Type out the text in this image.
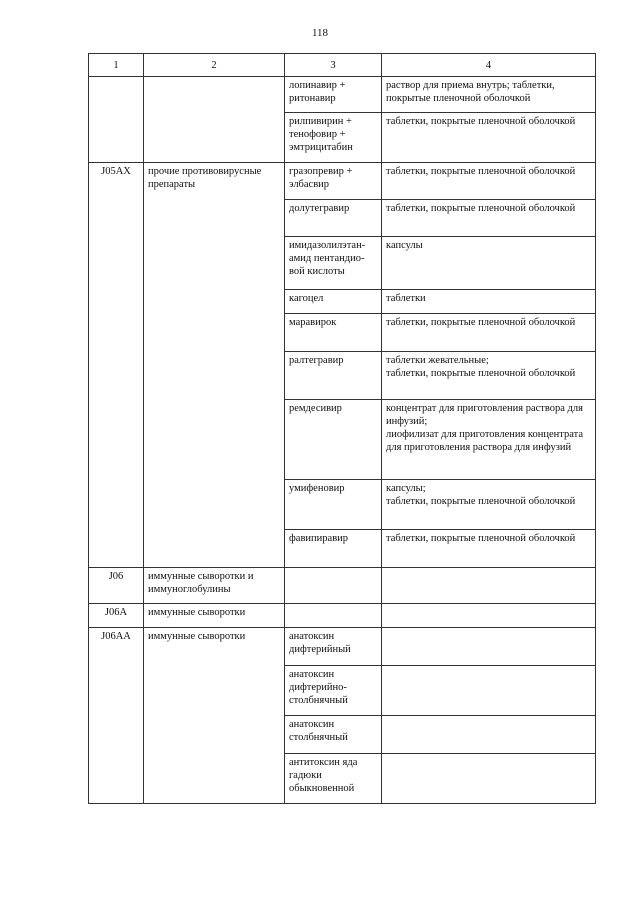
118
1	2	3	4
		лопинавир + ритонавир	раствор для приема внутрь; таблетки, покрытые пленочной оболочкой
		рилпивирин + тенофовир + эмтрицитабин	таблетки, покрытые пленочной оболочкой
J05AX	прочие противовирусные препараты	гразопревир + элбасвир	таблетки, покрытые пленочной оболочкой
		долутегравир	таблетки, покрытые пленочной оболочкой
		имидазолилэтан-амид пентандио-вой кислоты	капсулы
		кагоцел	таблетки
		маравирок	таблетки, покрытые пленочной оболочкой
		ралтегравир	таблетки жевательные;
таблетки, покрытые пленочной оболочкой
		ремдесивир	концентрат для приготовления раствора для инфузий;
лиофилизат для приготовления концентрата для приготовления раствора для инфузий
		умифеновир	капсулы;
таблетки, покрытые пленочной оболочкой
		фавипиравир	таблетки, покрытые пленочной оболочкой
J06	иммунные сыворотки и иммуноглобулины		
J06A	иммунные сыворотки		
J06AA	иммунные сыворотки	анатоксин дифтерийный	
		анатоксин дифтерийно-столбнячный	
		анатоксин столбнячный	
		антитоксин яда гадюки обыкновенной	
